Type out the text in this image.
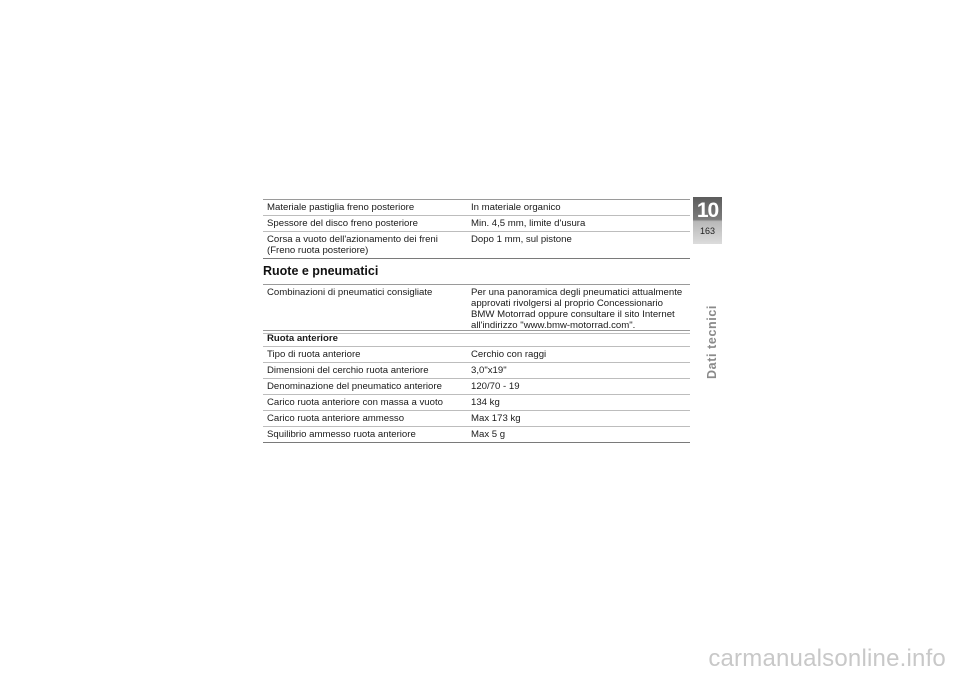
Materiale pastiglia freno posteriore	In materiale organico
Spessore del disco freno posteriore	Min. 4,5 mm, limite d'usura
Corsa a vuoto dell'azionamento dei freni (Freno ruota posteriore)	Dopo 1 mm, sul pistone
Ruote e pneumatici
Combinazioni di pneumatici consigliate	Per una panoramica degli pneumatici attualmente approvati rivolgersi al proprio Concessionario BMW Motorrad oppure consultare il sito Internet all'indirizzo "www.bmw-motorrad.com".
Ruota anteriore	
Tipo di ruota anteriore	Cerchio con raggi
Dimensioni del cerchio ruota anteriore	3,0"x19"
Denominazione del pneumatico anteriore	120/70 - 19
Carico ruota anteriore con massa a vuoto	134 kg
Carico ruota anteriore ammesso	Max 173 kg
Squilibrio ammesso ruota anteriore	Max 5 g
10
163
Dati tecnici
carmanualsonline.info
